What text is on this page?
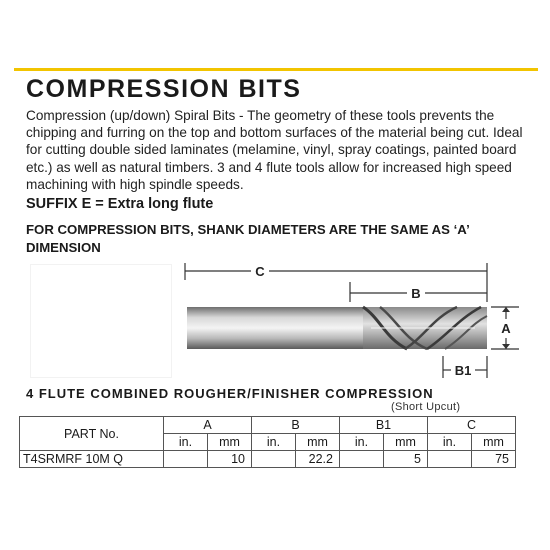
COMPRESSION BITS

Compression (up/down) Spiral Bits - The geometry of these tools prevents the chipping and furring on the top and bottom surfaces of the material being cut. Ideal for cutting double sided laminates (melamine, vinyl, spray coatings, painted board etc.) as well as natural timbers. 3 and 4 flute tools allow for increased high speed machining with high spindle speeds.

SUFFIX E = Extra long flute

FOR COMPRESSION BITS, SHANK DIAMETERS ARE THE SAME AS ‘A’ DIMENSION

C
B
A
B1

4 FLUTE COMBINED ROUGHER/FINISHER COMPRESSION

(Short Upcut)

PART No.	A		B		B1		C	
	in.	mm	in.	mm	in.	mm	in.	mm
T4SRMRF 10M Q		10		22.2		5		75
